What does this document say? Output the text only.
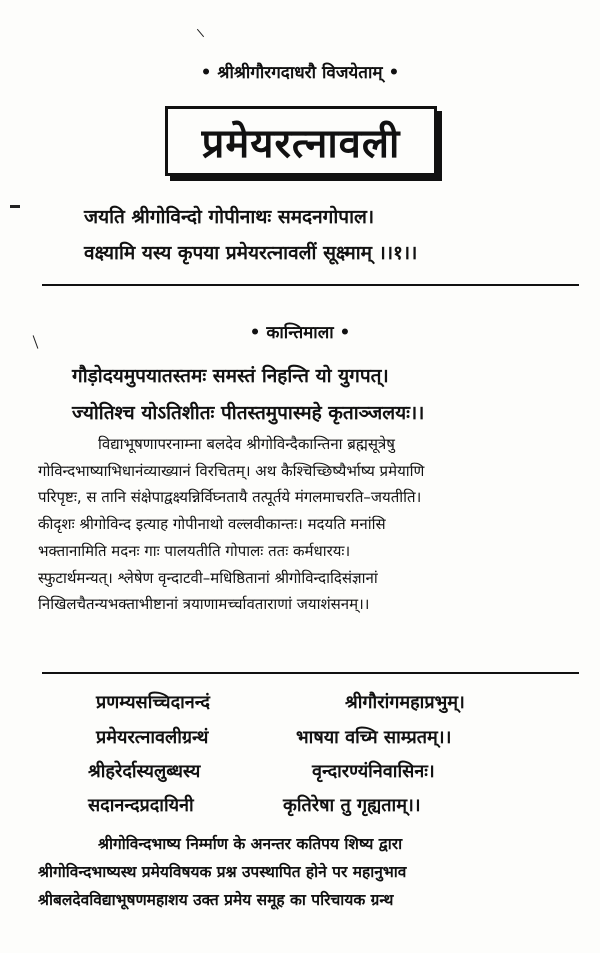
• श्रीश्रीगौरगदाधरौ विजयेताम् •
प्रमेयरत्नावली
जयति श्रीगोविन्दो गोपीनाथः समदनगोपाल।
वक्ष्यामि यस्य कृपया प्रमेयरत्नावलीं सूक्ष्माम् ।।१।।
• कान्तिमाला •
गौड़ोदयमुपयातस्तमः समस्तं निहन्ति यो युगपत्।
ज्योतिश्च योऽतिशीतः पीतस्तमुपास्महे कृताञ्जलयः।।
विद्याभूषणापरनाम्ना बलदेव श्रीगोविन्दैकान्तिना ब्रह्मसूत्रेषु
गोविन्दभाष्याभिधानंव्याख्यानं विरचितम्। अथ कैश्चिच्छिष्यैर्भाष्य प्रमेयाणि
परिपृष्टः, स तानि संक्षेपाद्वक्ष्यन्निर्विघ्नतायै तत्पूर्तये मंगलमाचरति–जयतीति।
कीदृशः श्रीगोविन्द इत्याह गोपीनाथो वल्लवीकान्तः। मदयति मनांसि
भक्तानामिति मदनः गाः पालयतीति गोपालः ततः कर्मधारयः।
स्फुटार्थमन्यत्। श्लेषेण वृन्दाटवी–मधिष्ठितानां श्रीगोविन्दादिसंज्ञानां
निखिलचैतन्यभक्ताभीष्टानां त्रयाणामर्च्चावताराणां जयाशंसनम्।।
प्रणम्यसच्चिदानन्दं	श्रीगौरांगमहाप्रभुम्।
प्रमेयरत्नावलीग्रन्थं	भाषया वच्मि साम्प्रतम्।।
श्रीहरेर्दास्यलुब्धस्य	वृन्दारण्यंनिवासिनः।
सदानन्दप्रदायिनी	कृतिरेषा तु गृह्यताम्।।
श्रीगोविन्दभाष्य निर्म्माण के अनन्तर कतिपय शिष्य द्वारा
श्रीगोविन्दभाष्यस्थ प्रमेयविषयक प्रश्न उपस्थापित होने पर महानुभाव
श्रीबलदेवविद्याभूषणमहाशय उक्त प्रमेय समूह का परिचायक ग्रन्थ
